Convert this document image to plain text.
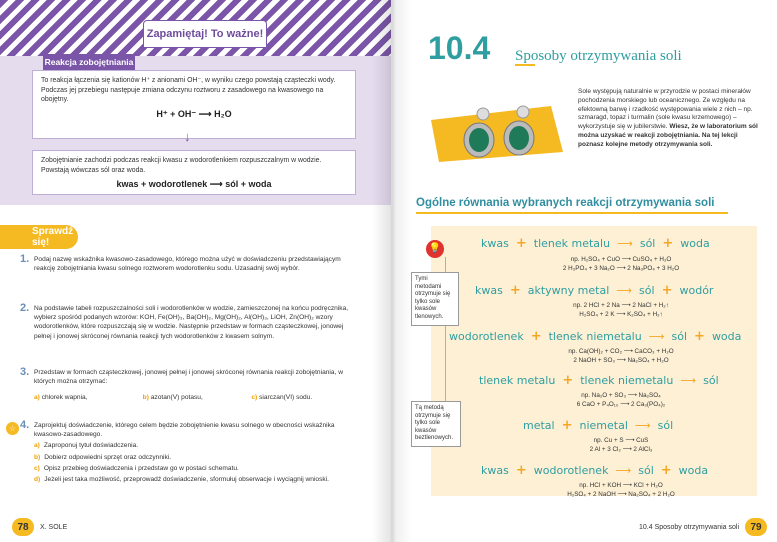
Zapamiętaj! To ważne!
Reakcja zobojętniania
To reakcja łączenia się kationów H⁺ z anionami OH⁻, w wyniku czego powstają cząsteczki wody. Podczas jej przebiegu następuje zmiana odczynu roztworu z zasadowego na kwasowego na obojętny.
H⁺ + OH⁻ ⟶ H₂O
↓
Zobojętnianie zachodzi podczas reakcji kwasu z wodorotlenkiem rozpuszczalnym w wodzie. Powstają wówczas sól oraz woda.
kwas + wodorotlenek ⟶ sól + woda
Sprawdź się!
1. Podaj nazwę wskaźnika kwasowo-zasadowego, którego można użyć w doświadczeniu przedstawiającym reakcję zobojętniania kwasu solnego roztworem wodorotlenku sodu. Uzasadnij swój wybór.
2. Na podstawie tabeli rozpuszczalności soli i wodorotlenków w wodzie, zamieszczonej na końcu podręcznika, wybierz spośród podanych wzorów: KOH, Fe(OH)₃, Ba(OH)₂, Mg(OH)₂, Al(OH)₃, LiOH, Zn(OH)₂ wzory wodorotlenków, które rozpuszczają się w wodzie. Następnie przedstaw w formach cząsteczkowej, jonowej pełnej i jonowej skróconej równania reakcji tych wodorotlenków z kwasem solnym.
3. Przedstaw w formach cząsteczkowej, jonowej pełnej i jonowej skróconej równania reakcji zobojętniania, w których można otrzymać:
a) chlorek wapnia,	b) azotan(V) potasu,	c) siarczan(VI) sodu.
☆ 4. Zaprojektuj doświadczenie, którego celem będzie zobojętnienie kwasu solnego w obecności wskaźnika kwasowo-zasadowego.
a) Zaproponuj tytuł doświadczenia.
b) Dobierz odpowiedni sprzęt oraz odczynniki.
c) Opisz przebieg doświadczenia i przedstaw go w postaci schematu.
d) Jeżeli jest taka możliwość, przeprowadź doświadczenie, sformułuj obserwacje i wyciągnij wnioski.
78	X. SOLE
10.4 Sposoby otrzymywania soli
Sole występują naturalnie w przyrodzie w postaci minerałów pochodzenia morskiego lub oceanicznego. Ze względu na efektowną barwę i rzadkość występowania wiele z nich – np. szmaragd, topaz i turmalin (sole kwasu krzemowego) – wykorzystuje się w jubilerstwie. Wiesz, że w laboratorium sól można uzyskać w reakcji zobojętniania. Na tej lekcji poznasz kolejne metody otrzymywania soli.
Ogólne równania wybranych reakcji otrzymywania soli
💡
Tymi metodami otrzymuje się tylko sole kwasów tlenowych.
Tą metodą otrzymuje się tylko sole kwasów beztlenowych.
kwas + tlenek metalu ⟶ sól + woda
np. H₂SO₄ + CuO ⟶ CuSO₄ + H₂O
2 H₃PO₄ + 3 Na₂O ⟶ 2 Na₃PO₄ + 3 H₂O
kwas + aktywny metal ⟶ sól + wodór
np. 2 HCl + 2 Na ⟶ 2 NaCl + H₂↑
H₂SO₄ + 2 K ⟶ K₂SO₄ + H₂↑
wodorotlenek + tlenek niemetalu ⟶ sól + woda
np. Ca(OH)₂ + CO₂ ⟶ CaCO₃ + H₂O
2 NaOH + SO₃ ⟶ Na₂SO₄ + H₂O
tlenek metalu + tlenek niemetalu ⟶ sól
np. Na₂O + SO₃ ⟶ Na₂SO₄
6 CaO + P₄O₁₀ ⟶ 2 Ca₃(PO₄)₂
metal + niemetal ⟶ sól
np. Cu + S ⟶ CuS
2 Al + 3 Cl₂ ⟶ 2 AlCl₃
kwas + wodorotlenek ⟶ sól + woda
np. HCl + KOH ⟶ KCl + H₂O
H₂SO₄ + 2 NaOH ⟶ Na₂SO₄ + 2 H₂O
10.4 Sposoby otrzymywania soli	79
